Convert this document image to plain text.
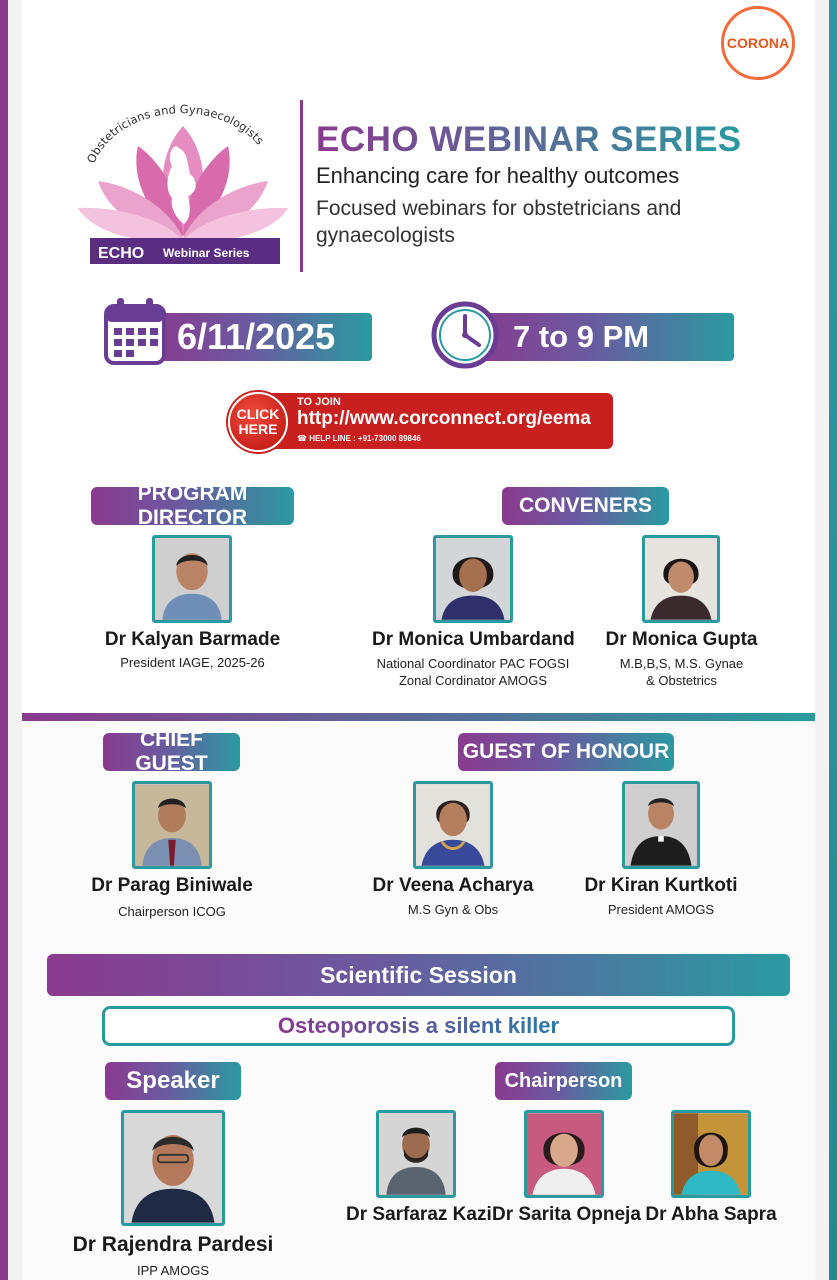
CORONA
Obstetricians and Gynaecologists
ECHO Webinar Series
ECHO WEBINAR SERIES
Enhancing care for healthy outcomes
Focused webinars for obstetricians and gynaecologists
6/11/2025	7 to 9 PM
CLICK HERE
TO JOIN
http://www.corconnect.org/eema
☎ HELP LINE : +91-73000 89846
PROGRAM DIRECTOR
CONVENERS
Dr Kalyan Barmade
President IAGE, 2025-26
Dr Monica Umbardand
National Coordinator PAC FOGSI
Zonal Cordinator AMOGS
Dr Monica Gupta
M.B,B,S, M.S. Gynae
& Obstetrics
CHIEF GUEST
GUEST OF HONOUR
Dr Parag Biniwale
Chairperson ICOG
Dr Veena Acharya
M.S Gyn & Obs
Dr Kiran Kurtkoti
President AMOGS
Scientific Session
Osteoporosis a silent killer
Speaker	Chairperson
Dr Rajendra Pardesi
IPP AMOGS
Dr Sarfaraz Kazi Dr Sarita Opneja Dr Abha Sapra
